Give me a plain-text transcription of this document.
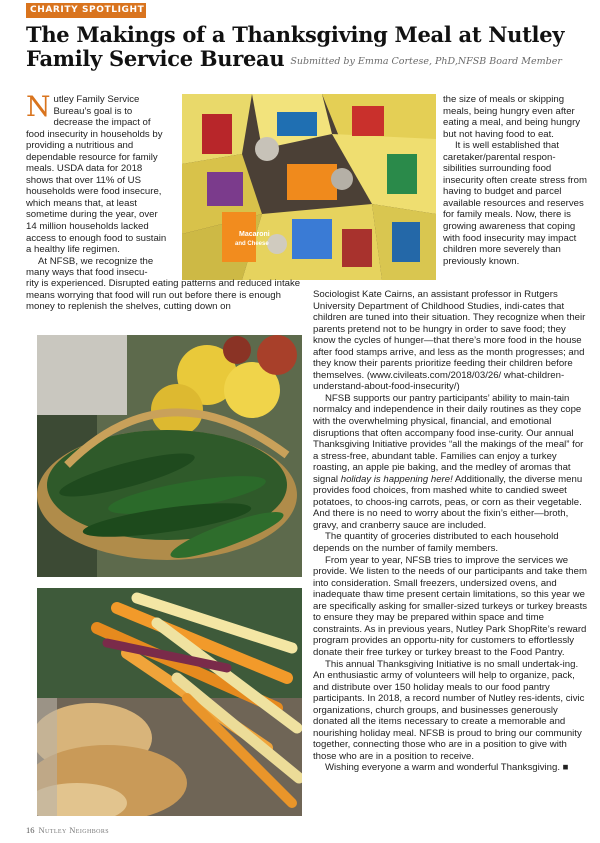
CHARITY SPOTLIGHT
The Makings of a Thanksgiving Meal at Nutley
Family Service Bureau Submitted by Emma Cortese, PhD,NFSB Board Member

Nutley Family Service Bureau’s goal is to decrease the impact of food insecurity in households by providing a nutritious and dependable resource for family meals. USDA data for 2018 shows that over 11% of US households were food insecure, which means that, at least sometime during the year, over 14 million households lacked access to enough food to sustain a healthy life regimen.

At NFSB, we recognize the many ways that food insecu-

Macaroni
and Cheese

the size of meals or skipping meals, being hungry even after eating a meal, and being hungry but not having food to eat.

It is well established that caretaker/parental respon-sibilities surrounding food insecurity often create stress from having to budget and parcel available resources and reserves for family meals. Now, there is growing awareness that coping with food insecurity may impact children more severely than previously known.

rity is experienced. Disrupted eating patterns and reduced intake means worrying that food will run out before there is enough money to replenish the shelves, cutting down on

Sociologist Kate Cairns, an assistant professor in Rutgers University Department of Childhood Studies, indi-cates that children are tuned into their situation. They recognize when their parents pretend not to be hungry in order to save food; they know the cycles of hunger—that there’s more food in the house after food stamps arrive, and less as the month progresses; and they know their parents prioritize feeding their children before themselves. (www.civileats.com/2018/03/26/ what-children-understand-about-food-insecurity/)

NFSB supports our pantry participants’ ability to main-tain normalcy and independence in their daily routines as they cope with the overwhelming physical, financial, and emotional disruptions that often accompany food inse-curity. Our annual Thanksgiving Initiative provides “all the makings of the meal” for a stress-free, abundant table. Families can enjoy a turkey roasting, an apple pie baking, and the medley of aromas that signal holiday is happening here! Additionally, the diverse menu provides food choices, from mashed white to candied sweet potatoes, to choos-ing carrots, peas, or corn as their vegetable. And there is no need to worry about the fixin’s either—broth, gravy, and cranberry sauce are included.

The quantity of groceries distributed to each household depends on the number of family members.

From year to year, NFSB tries to improve the services we provide. We listen to the needs of our participants and take them into consideration. Small freezers, undersized ovens, and inadequate thaw time present certain limitations, so this year we are specifically asking for smaller-sized turkeys or turkey breasts to ensure they may be prepared within space and time constraints. As in previous years, Nutley Park ShopRite’s reward program provides an opportu-nity for customers to effortlessly donate their free turkey or turkey breast to the Food Pantry.

This annual Thanksgiving Initiative is no small undertak-ing. An enthusiastic army of volunteers will help to organize, pack, and distribute over 150 holiday meals to our food pantry participants. In 2018, a record number of Nutley res-idents, civic organizations, church groups, and businesses generously donated all the items necessary to create a memorable and nourishing holiday meal. NFSB is proud to bring our community together, connecting those who are in a position to give with those who are in a position to receive.

Wishing everyone a warm and wonderful Thanksgiving. ■

16 Nutley Neighbors
